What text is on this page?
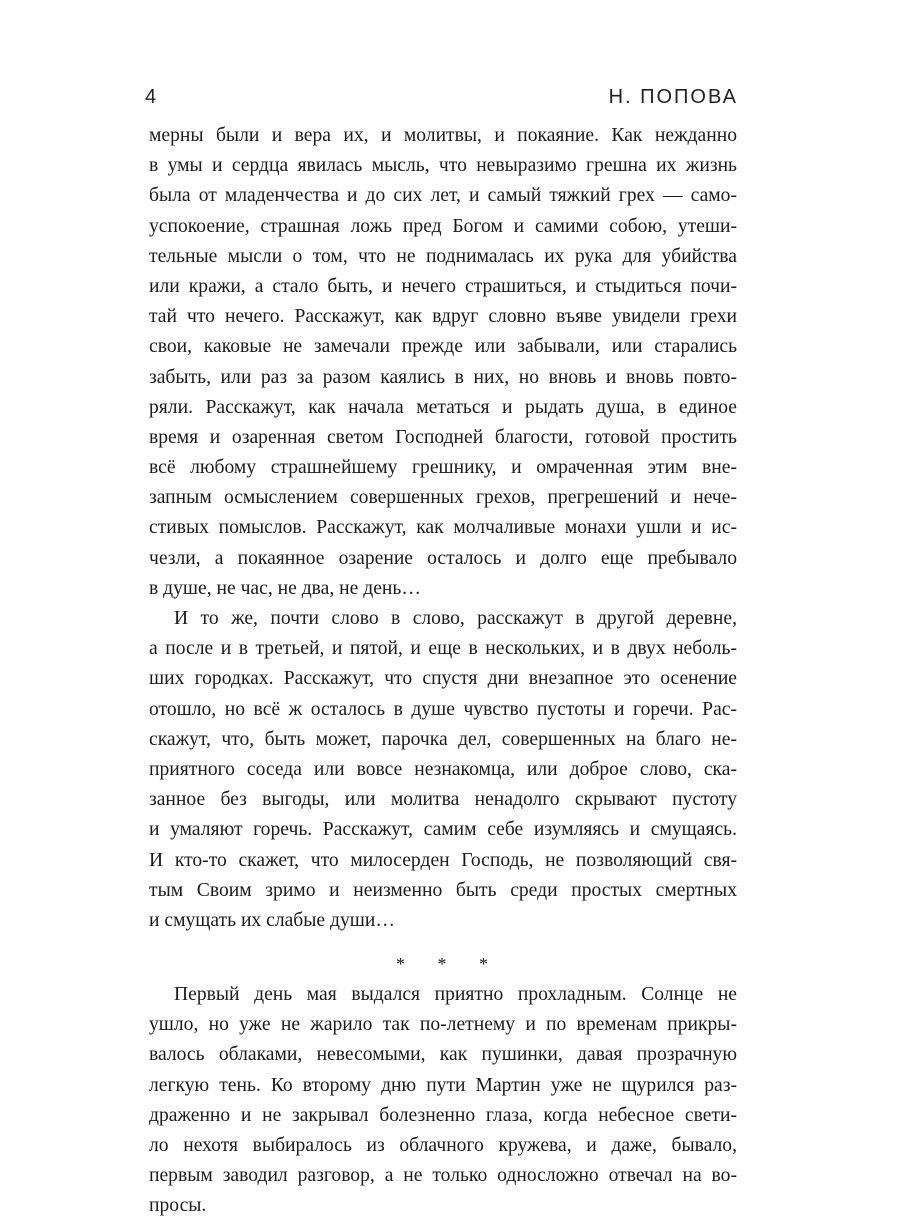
4	Н. ПОПОВА
мерны были и вера их, и молитвы, и покаяние. Как нежданно
в умы и сердца явилась мысль, что невыразимо грешна их жизнь
была от младенчества и до сих лет, и самый тяжкий грех — само-
успокоение, страшная ложь пред Богом и самими собою, утеши-
тельные мысли о том, что не поднималась их рука для убийства
или кражи, а стало быть, и нечего страшиться, и стыдиться почи-
тай что нечего. Расскажут, как вдруг словно въяве увидели грехи
свои, каковые не замечали прежде или забывали, или старались
забыть, или раз за разом каялись в них, но вновь и вновь повто-
ряли. Расскажут, как начала метаться и рыдать душа, в единое
время и озаренная светом Господней благости, готовой простить
всё любому страшнейшему грешнику, и омраченная этим вне-
запным осмыслением совершенных грехов, прегрешений и нече-
стивых помыслов. Расскажут, как молчаливые монахи ушли и ис-
чезли, а покаянное озарение осталось и долго еще пребывало
в душе, не час, не два, не день…
И то же, почти слово в слово, расскажут в другой деревне,
а после и в третьей, и пятой, и еще в нескольких, и в двух неболь-
ших городках. Расскажут, что спустя дни внезапное это осенение
отошло, но всё ж осталось в душе чувство пустоты и горечи. Рас-
скажут, что, быть может, парочка дел, совершенных на благо не-
приятного соседа или вовсе незнакомца, или доброе слово, ска-
занное без выгоды, или молитва ненадолго скрывают пустоту
и умаляют горечь. Расскажут, самим себе изумляясь и смущаясь.
И кто-то скажет, что милосерден Господь, не позволяющий свя-
тым Своим зримо и неизменно быть среди простых смертных
и смущать их слабые души…
* * *
Первый день мая выдался приятно прохладным. Солнце не
ушло, но уже не жарило так по-летнему и по временам прикры-
валось облаками, невесомыми, как пушинки, давая прозрачную
легкую тень. Ко второму дню пути Мартин уже не щурился раз-
драженно и не закрывал болезненно глаза, когда небесное свети-
ло нехотя выбиралось из облачного кружева, и даже, бывало,
первым заводил разговор, а не только односложно отвечал на во-
просы.
